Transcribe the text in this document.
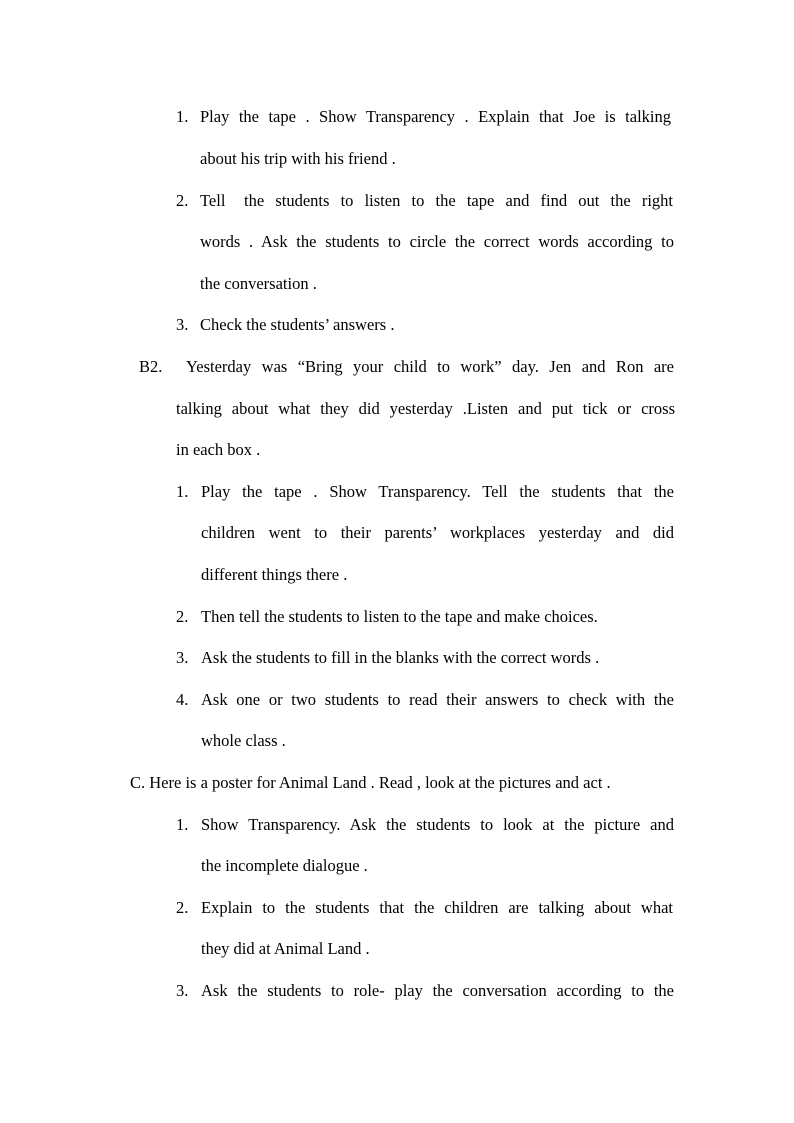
1. Play the tape . Show Transparency . Explain that Joe is talking
about his trip with his friend .
2. Tell the students to listen to the tape and find out the right
words . Ask the students to circle the correct words according to
the conversation .
3. Check the students’ answers .
B2. Yesterday was “Bring your child to work” day. Jen and Ron are
talking about what they did yesterday .Listen and put tick or cross
in each box .
1. Play the tape . Show Transparency. Tell the students that the
children went to their parents’ workplaces yesterday and did
different things there .
2. Then tell the students to listen to the tape and make choices.
3. Ask the students to fill in the blanks with the correct words .
4. Ask one or two students to read their answers to check with the
whole class .
C. Here is a poster for Animal Land . Read , look at the pictures and act .
1. Show Transparency. Ask the students to look at the picture and
the incomplete dialogue .
2. Explain to the students that the children are talking about what
they did at Animal Land .
3. Ask the students to role- play the conversation according to the
